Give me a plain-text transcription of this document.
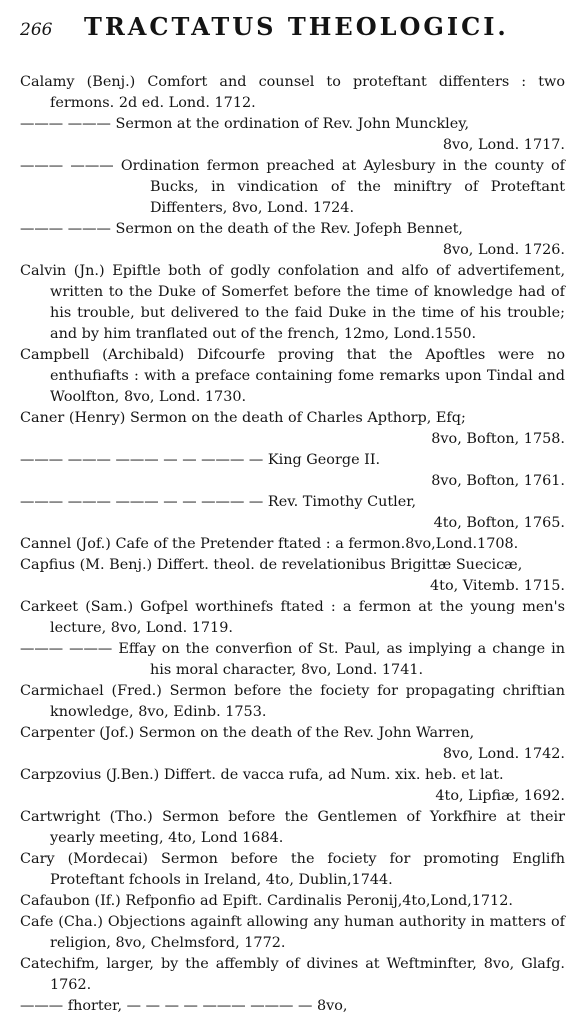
266	TRACTATUS THEOLOGICI.
Calamy (Benj.) Comfort and counsel to proteftant diffenters : two fermons. 2d ed. Lond. 1712.
——— ——— Sermon at the ordination of Rev. John Munckley,
8vo, Lond. 1717.
——— ——— Ordination fermon preached at Aylesbury in the county of Bucks, in vindication of the miniftry of Proteftant Diffenters, 8vo, Lond. 1724.
——— ——— Sermon on the death of the Rev. Jofeph Bennet,
8vo, Lond. 1726.
Calvin (Jn.) Epiftle both of godly confolation and alfo of advertifement, written to the Duke of Somerfet before the time of knowledge had of his trouble, but delivered to the faid Duke in the time of his trouble; and by him tranflated out of the french, 12mo, Lond.1550.
Campbell (Archibald) Difcourfe proving that the Apoftles were no enthufiafts : with a preface containing fome remarks upon Tindal and Woolfton, 8vo, Lond. 1730.
Caner (Henry) Sermon on the death of Charles Apthorp, Efq;
8vo, Bofton, 1758.
——— ——— ——— — — ——— — King George II.
8vo, Bofton, 1761.
——— ——— ——— — — ——— — Rev. Timothy Cutler,
4to, Bofton, 1765.
Cannel (Jof.) Cafe of the Pretender ftated : a fermon.8vo,Lond.1708.
Capfius (M. Benj.) Differt. theol. de revelationibus Brigittæ Suecicæ,
4to, Vitemb. 1715.
Carkeet (Sam.) Gofpel worthinefs ftated : a fermon at the young men's lecture, 8vo, Lond. 1719.
——— ——— Effay on the converfion of St. Paul, as implying a change in his moral character, 8vo, Lond. 1741.
Carmichael (Fred.) Sermon before the fociety for propagating chriftian knowledge, 8vo, Edinb. 1753.
Carpenter (Jof.) Sermon on the death of the Rev. John Warren,
8vo, Lond. 1742.
Carpzovius (J.Ben.) Differt. de vacca rufa, ad Num. xix. heb. et lat.
4to, Lipfiæ, 1692.
Cartwright (Tho.) Sermon before the Gentlemen of Yorkfhire at their yearly meeting, 4to, Lond 1684.
Cary (Mordecai) Sermon before the fociety for promoting Englifh Proteftant fchools in Ireland, 4to, Dublin,1744.
Cafaubon (If.) Refponfio ad Epift. Cardinalis Peronij,4to,Lond,1712.
Cafe (Cha.) Objections againft allowing any human authority in matters of religion, 8vo, Chelmsford, 1772.
Catechifm, larger, by the affembly of divines at Weftminfter, 8vo, Glafg. 1762.
——— fhorter, — — — — ——— ——— — 8vo,
